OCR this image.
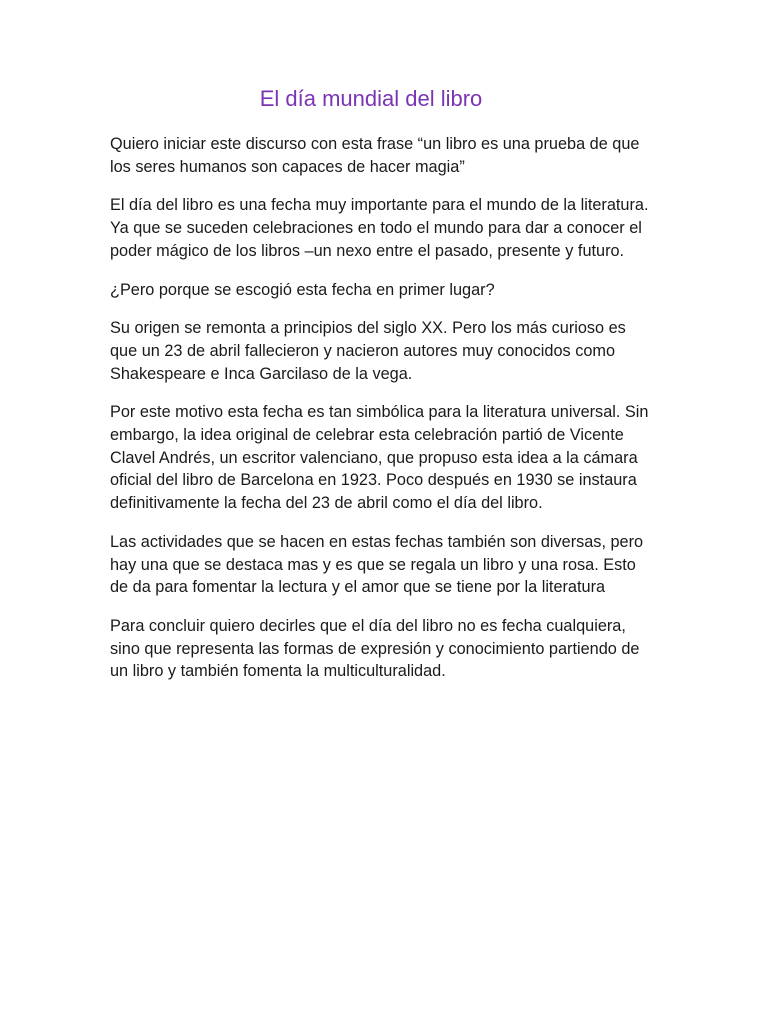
El día mundial del libro

Quiero iniciar este discurso con esta frase “un libro es una prueba de que los seres humanos son capaces de hacer magia”

El día del libro es una fecha muy importante para el mundo de la literatura. Ya que se suceden celebraciones en todo el mundo para dar a conocer el poder mágico de los libros –un nexo entre el pasado, presente y futuro.

¿Pero porque se escogió esta fecha en primer lugar?

Su origen se remonta a principios del siglo XX. Pero los más curioso es que un 23 de abril fallecieron y nacieron autores muy conocidos como Shakespeare e Inca Garcilaso de la vega.

Por este motivo esta fecha es tan simbólica para la literatura universal. Sin embargo, la idea original de celebrar esta celebración partió de Vicente Clavel Andrés, un escritor valenciano, que propuso esta idea a la cámara oficial del libro de Barcelona en 1923. Poco después en 1930 se instaura definitivamente la fecha del 23 de abril como el día del libro.

Las actividades que se hacen en estas fechas también son diversas, pero hay una que se destaca mas y es que se regala un libro y una rosa. Esto de da para fomentar la lectura y el amor que se tiene por la literatura

Para concluir quiero decirles que el día del libro no es fecha cualquiera, sino que representa las formas de expresión y conocimiento partiendo de un libro y también fomenta la multiculturalidad.
